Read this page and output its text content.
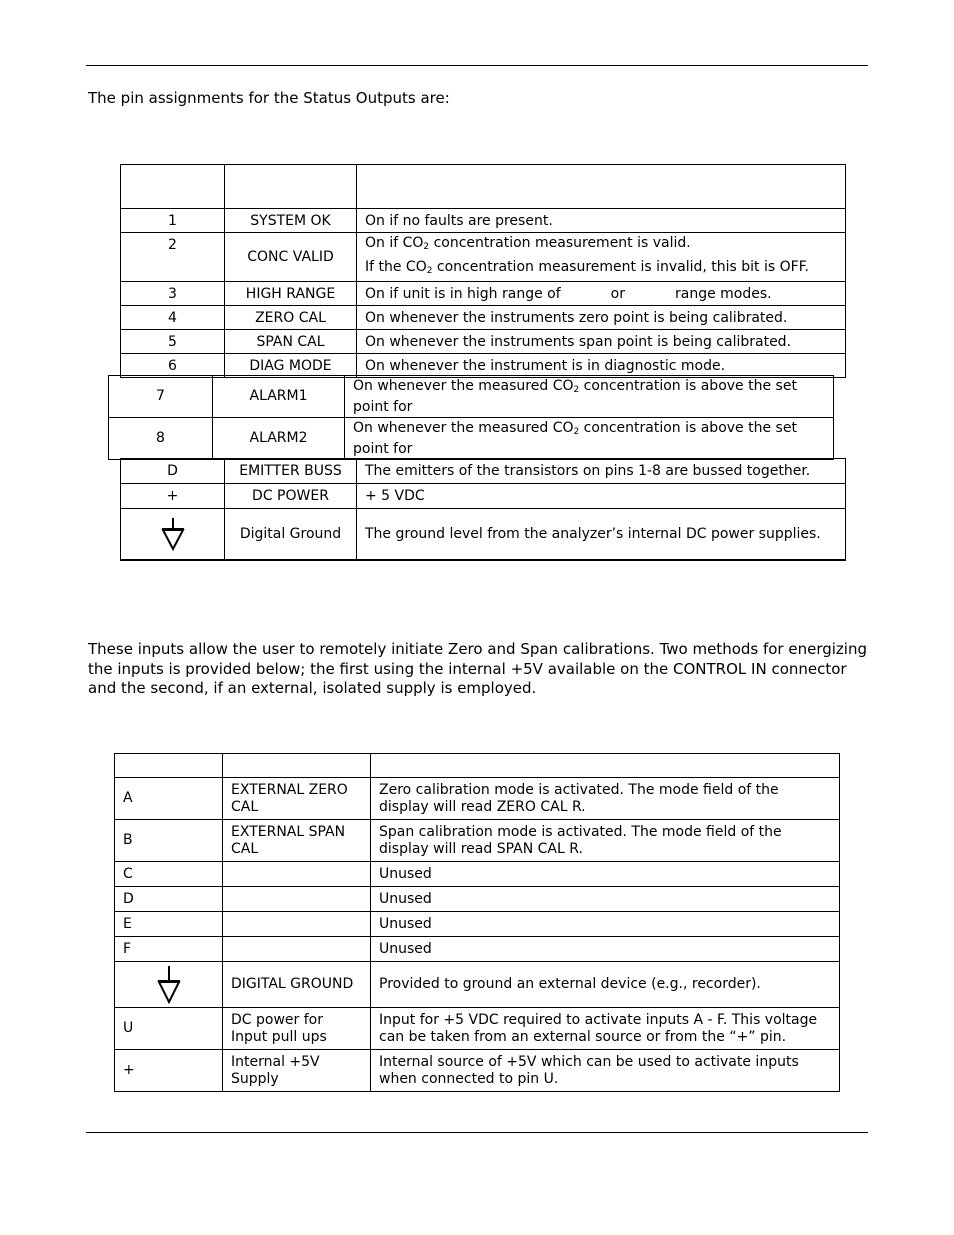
The pin assignments for the Status Outputs are:

1	SYSTEM OK	On if no faults are present.
2	CONC VALID	On if $CO_2$ concentration measurement is valid.
If the $CO_2$ concentration measurement is invalid, this bit is OFF.
3	HIGH RANGE	On if unit is in high range of or range modes.
4	ZERO CAL	On whenever the instruments zero point is being calibrated.
5	SPAN CAL	On whenever the instruments span point is being calibrated.
6	DIAG MODE	On whenever the instrument is in diagnostic mode.
7	ALARM1	On whenever the measured $CO_2$ concentration is above the set point for
8	ALARM2	On whenever the measured $CO_2$ concentration is above the set point for
D	EMITTER BUSS	The emitters of the transistors on pins 1-8 are bussed together.
+	DC POWER	+ 5 VDC

	Digital Ground	The ground level from the analyzer’s internal DC power supplies.

These inputs allow the user to remotely initiate Zero and Span calibrations. Two methods for energizing the inputs is provided below; the first using the internal +5V available on the CONTROL IN connector and the second, if an external, isolated supply is employed.

A	EXTERNAL ZERO CAL	Zero calibration mode is activated. The mode field of the display will read ZERO CAL R.
B	EXTERNAL SPAN CAL	Span calibration mode is activated. The mode field of the display will read SPAN CAL R.
C		Unused
D		Unused
E		Unused
F		Unused

	DIGITAL GROUND	Provided to ground an external device (e.g., recorder).
U	DC power for Input pull ups	Input for +5 VDC required to activate inputs A - F. This voltage can be taken from an external source or from the “+” pin.
+	Internal +5V Supply	Internal source of +5V which can be used to activate inputs when connected to pin U.
